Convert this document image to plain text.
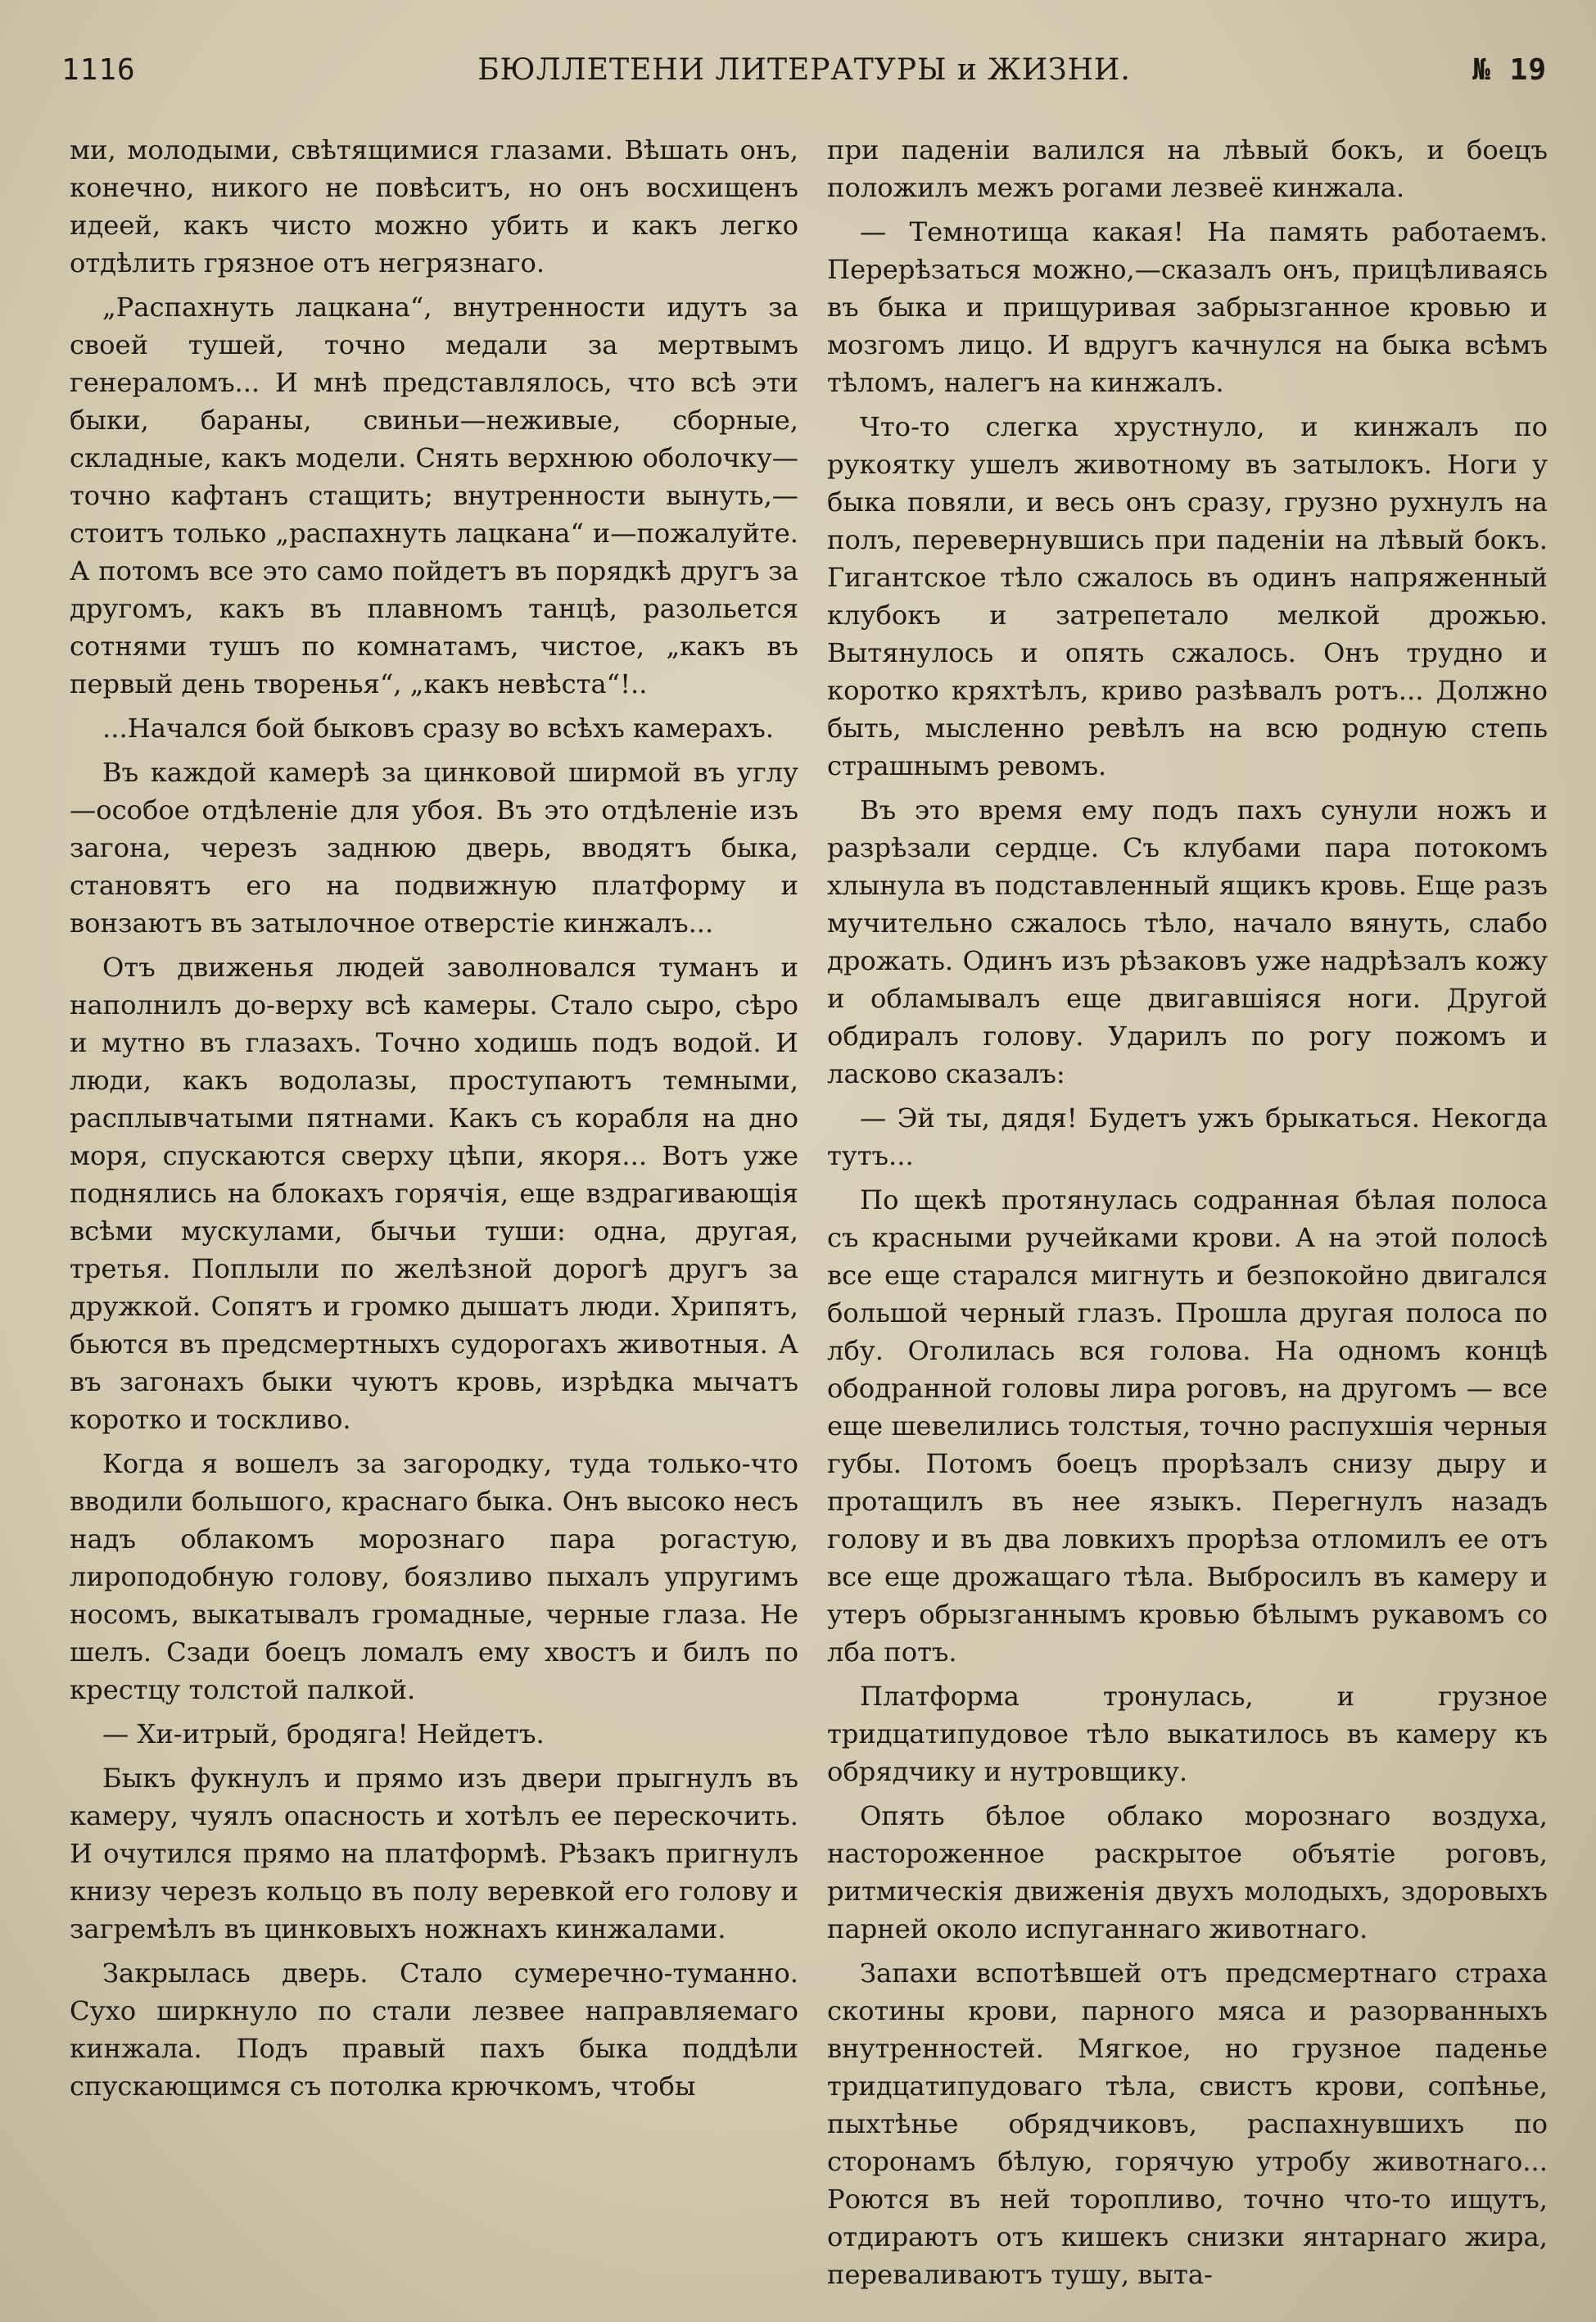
1116	БЮЛЛЕТЕНИ ЛИТЕРАТУРЫ и ЖИЗНИ.	№ 19

ми, молодыми, свѣтящимися глазами. Вѣшать онъ, конечно, никого не повѣситъ, но онъ восхищенъ идеей, какъ чисто можно убить и какъ легко отдѣлить грязное отъ негрязнаго.

„Распахнуть лацкана“, внутренности идутъ за своей тушей, точно медали за мертвымъ генераломъ... И мнѣ представлялось, что всѣ эти быки, бараны, свиньи—неживые, сборные, складные, какъ модели. Снять верхнюю оболочку—точно кафтанъ стащить; внутренности вынуть,—стоитъ только „распахнуть лацкана“ и—пожалуйте. А потомъ все это само пойдетъ въ порядкѣ другъ за другомъ, какъ въ плавномъ танцѣ, разольется сотнями тушъ по комнатамъ, чистое, „какъ въ первый день творенья“, „какъ невѣста“!..

...Начался бой быковъ сразу во всѣхъ камерахъ.

Въ каждой камерѣ за цинковой ширмой въ углу—особое отдѣленіе для убоя. Въ это отдѣленіе изъ загона, черезъ заднюю дверь, вводятъ быка, становятъ его на подвижную платформу и вонзаютъ въ затылочное отверстіе кинжалъ...

Отъ движенья людей заволновался туманъ и наполнилъ до-верху всѣ камеры. Стало сыро, сѣро и мутно въ глазахъ. Точно ходишь подъ водой. И люди, какъ водолазы, проступаютъ темными, расплывчатыми пятнами. Какъ съ корабля на дно моря, спускаются сверху цѣпи, якоря... Вотъ уже поднялись на блокахъ горячія, еще вздрагивающія всѣми мускулами, бычьи туши: одна, другая, третья. Поплыли по желѣзной дорогѣ другъ за дружкой. Сопятъ и громко дышатъ люди. Хрипятъ, бьются въ предсмертныхъ судорогахъ животныя. А въ загонахъ быки чуютъ кровь, изрѣдка мычатъ коротко и тоскливо.

Когда я вошелъ за загородку, туда только-что вводили большого, краснаго быка. Онъ высоко несъ надъ облакомъ морознаго пара рогастую, лироподобную голову, боязливо пыхалъ упругимъ носомъ, выкатывалъ громадные, черные глаза. Не шелъ. Сзади боецъ ломалъ ему хвостъ и билъ по крестцу толстой палкой.

— Хи-итрый, бродяга! Нейдетъ.

Быкъ фукнулъ и прямо изъ двери прыгнулъ въ камеру, чуялъ опасность и хотѣлъ ее перескочить. И очутился прямо на платформѣ. Рѣзакъ пригнулъ книзу черезъ кольцо въ полу веревкой его голову и загремѣлъ въ цинковыхъ ножнахъ кинжалами.

Закрылась дверь. Стало сумеречно-туманно. Сухо ширкнуло по стали лезвее направляемаго кинжала. Подъ правый пахъ быка поддѣли спускающимся съ потолка крючкомъ, чтобы

при паденіи валился на лѣвый бокъ, и боецъ положилъ межъ рогами лезвеё кинжала.

— Темнотища какая! На память работаемъ. Перерѣзаться можно,—сказалъ онъ, прицѣливаясь въ быка и прищуривая забрызганное кровью и мозгомъ лицо. И вдругъ качнулся на быка всѣмъ тѣломъ, налегъ на кинжалъ.

Что-то слегка хрустнуло, и кинжалъ по рукоятку ушелъ животному въ затылокъ. Ноги у быка повяли, и весь онъ сразу, грузно рухнулъ на полъ, перевернувшись при паденіи на лѣвый бокъ. Гигантское тѣло сжалось въ одинъ напряженный клубокъ и затрепетало мелкой дрожью. Вытянулось и опять сжалось. Онъ трудно и коротко кряхтѣлъ, криво разѣвалъ ротъ... Должно быть, мысленно ревѣлъ на всю родную степь страшнымъ ревомъ.

Въ это время ему подъ пахъ сунули ножъ и разрѣзали сердце. Съ клубами пара потокомъ хлынула въ подставленный ящикъ кровь. Еще разъ мучительно сжалось тѣло, начало вянуть, слабо дрожать. Одинъ изъ рѣзаковъ уже надрѣзалъ кожу и обламывалъ еще двигавшіяся ноги. Другой обдиралъ голову. Ударилъ по рогу пожомъ и ласково сказалъ:

— Эй ты, дядя! Будетъ ужъ брыкаться. Некогда тутъ...

По щекѣ протянулась содранная бѣлая полоса съ красными ручейками крови. А на этой полосѣ все еще старался мигнуть и безпокойно двигался большой черный глазъ. Прошла другая полоса по лбу. Оголилась вся голова. На одномъ концѣ ободранной головы лира роговъ, на другомъ — все еще шевелились толстыя, точно распухшія черныя губы. Потомъ боецъ прорѣзалъ снизу дыру и протащилъ въ нее языкъ. Перегнулъ назадъ голову и въ два ловкихъ прорѣза отломилъ ее отъ все еще дрожащаго тѣла. Выбросилъ въ камеру и утеръ обрызганнымъ кровью бѣлымъ рукавомъ со лба потъ.

Платформа тронулась, и грузное тридцатипудовое тѣло выкатилось въ камеру къ обрядчику и нутровщику.

Опять бѣлое облако морознаго воздуха, настороженное раскрытое объятіе роговъ, ритмическія движенія двухъ молодыхъ, здоровыхъ парней около испуганнаго животнаго.

Запахи вспотѣвшей отъ предсмертнаго страха скотины крови, парного мяса и разорванныхъ внутренностей. Мягкое, но грузное паденье тридцатипудоваго тѣла, свистъ крови, сопѣнье, пыхтѣнье обрядчиковъ, распахнувшихъ по сторонамъ бѣлую, горячую утробу животнаго... Роются въ ней торопливо, точно что-то ищутъ, отдираютъ отъ кишекъ снизки янтарнаго жира, переваливаютъ тушу, выта-
